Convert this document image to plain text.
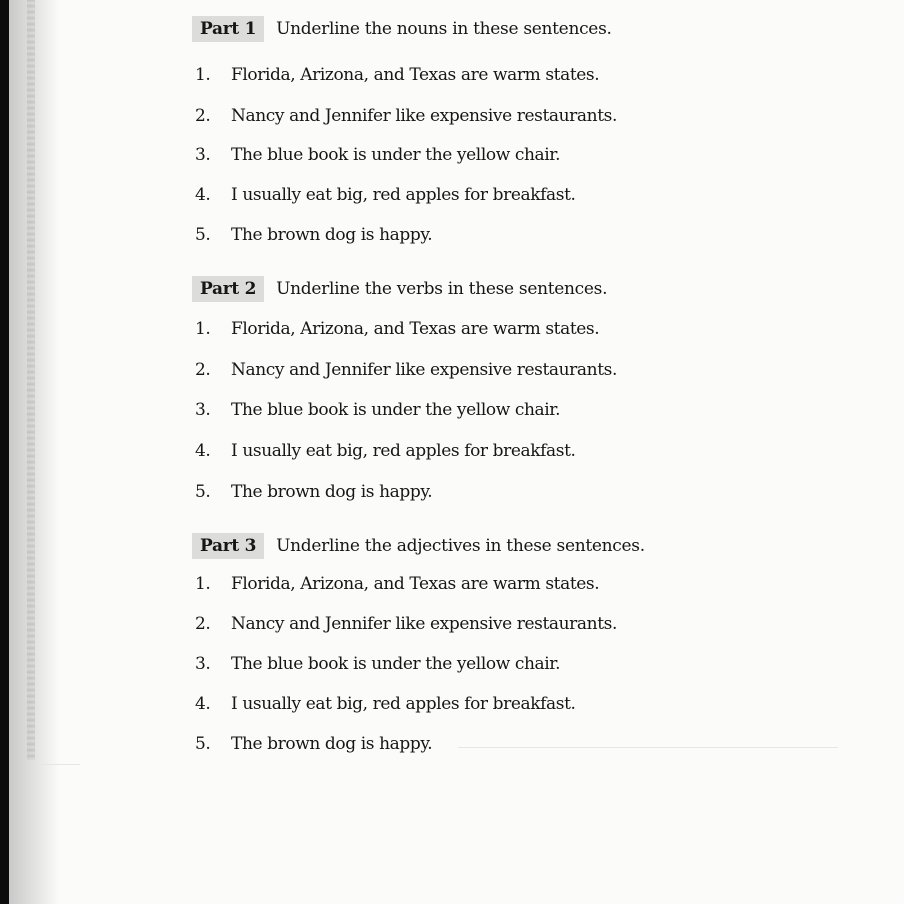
Part 1	Underline the nouns in these sentences.
1.	Florida, Arizona, and Texas are warm states.
2.	Nancy and Jennifer like expensive restaurants.
3.	The blue book is under the yellow chair.
4.	I usually eat big, red apples for breakfast.
5.	The brown dog is happy.
Part 2	Underline the verbs in these sentences.
1.	Florida, Arizona, and Texas are warm states.
2.	Nancy and Jennifer like expensive restaurants.
3.	The blue book is under the yellow chair.
4.	I usually eat big, red apples for breakfast.
5.	The brown dog is happy.
Part 3	Underline the adjectives in these sentences.
1.	Florida, Arizona, and Texas are warm states.
2.	Nancy and Jennifer like expensive restaurants.
3.	The blue book is under the yellow chair.
4.	I usually eat big, red apples for breakfast.
5.	The brown dog is happy.
